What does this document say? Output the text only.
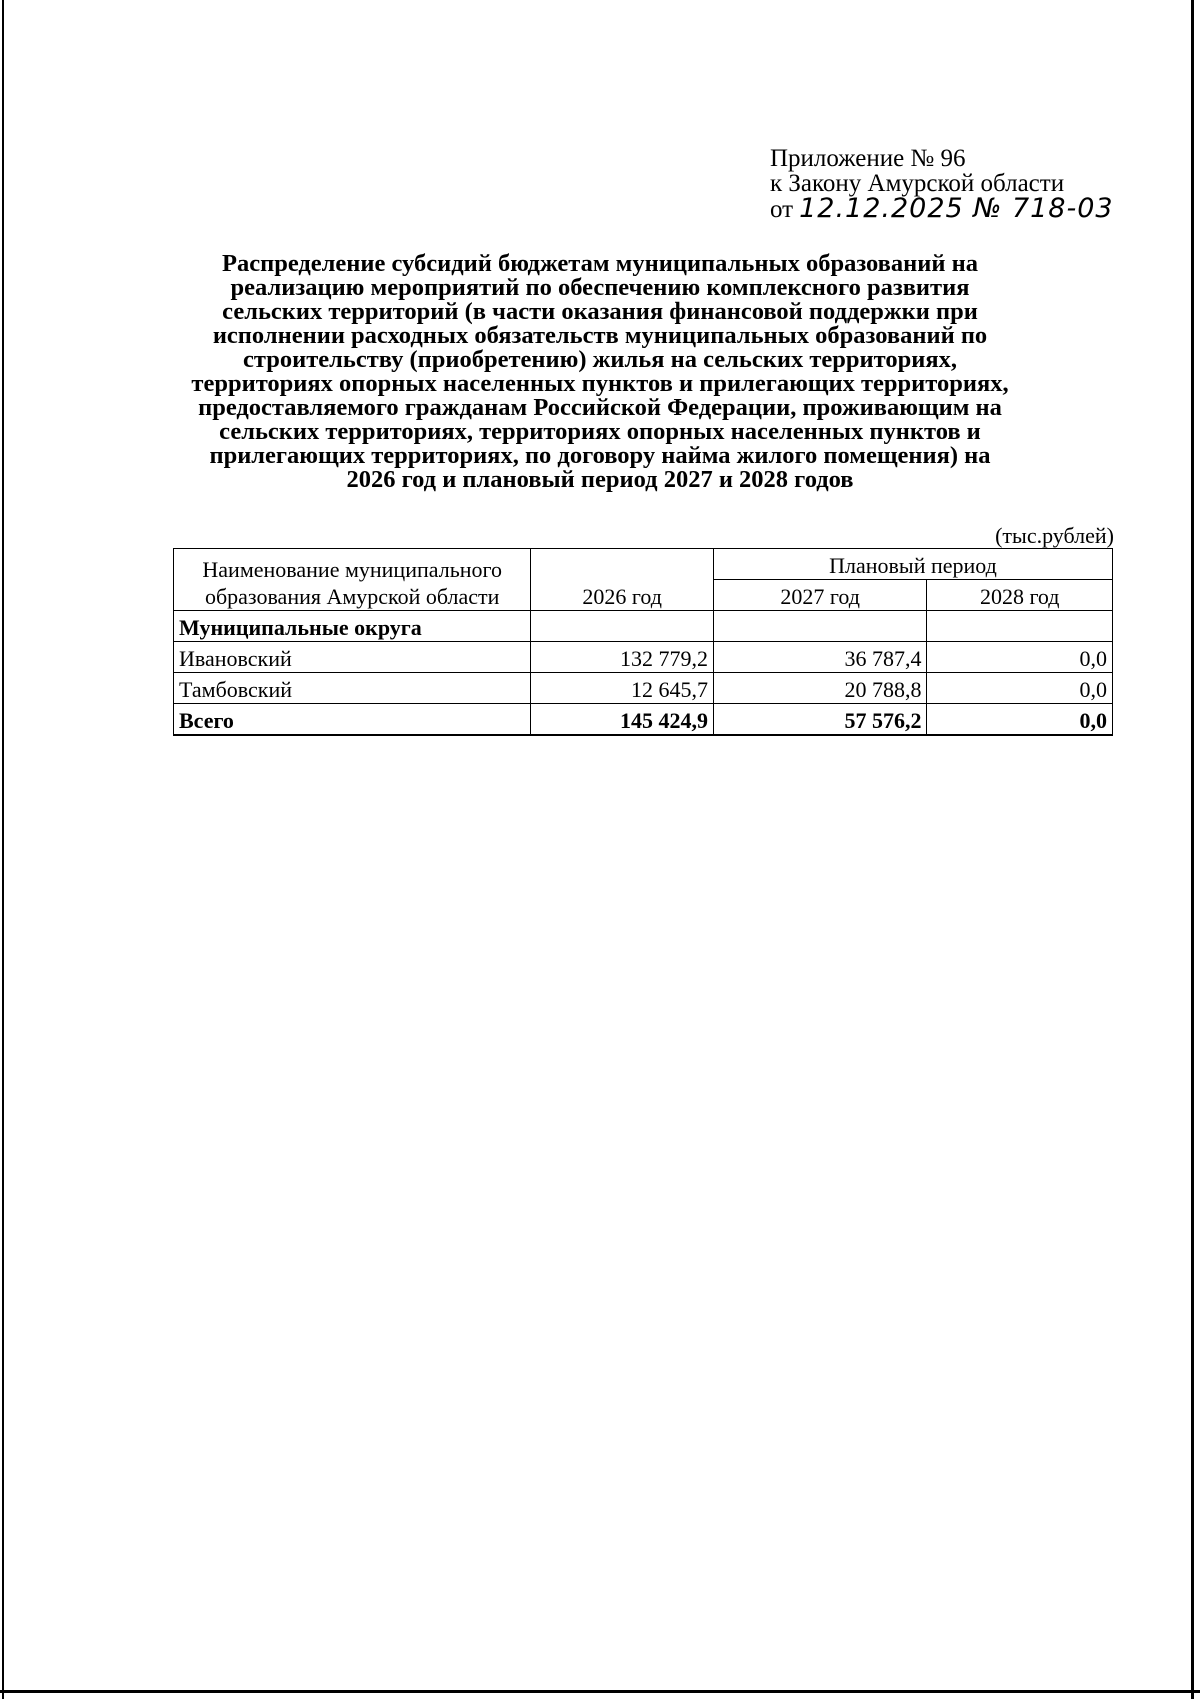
Приложение № 96
к Закону Амурской области
от 12.12.2025 № 718-03
Распределение субсидий бюджетам муниципальных образований на
реализацию мероприятий по обеспечению комплексного развития
сельских территорий (в части оказания финансовой поддержки при
исполнении расходных обязательств муниципальных образований по
строительству (приобретению) жилья на сельских территориях,
территориях опорных населенных пунктов и прилегающих территориях,
предоставляемого гражданам Российской Федерации, проживающим на
сельских территориях, территориях опорных населенных пунктов и
прилегающих территориях, по договору найма жилого помещения) на
2026 год и плановый период 2027 и 2028 годов
(тыс.рублей)
Наименование муниципального образования Амурской области	2026 год	Плановый период	
		2027 год	2028 год
Муниципальные округа			
Ивановский	132 779,2	36 787,4	0,0
Тамбовский	12 645,7	20 788,8	0,0
Всего	145 424,9	57 576,2	0,0
